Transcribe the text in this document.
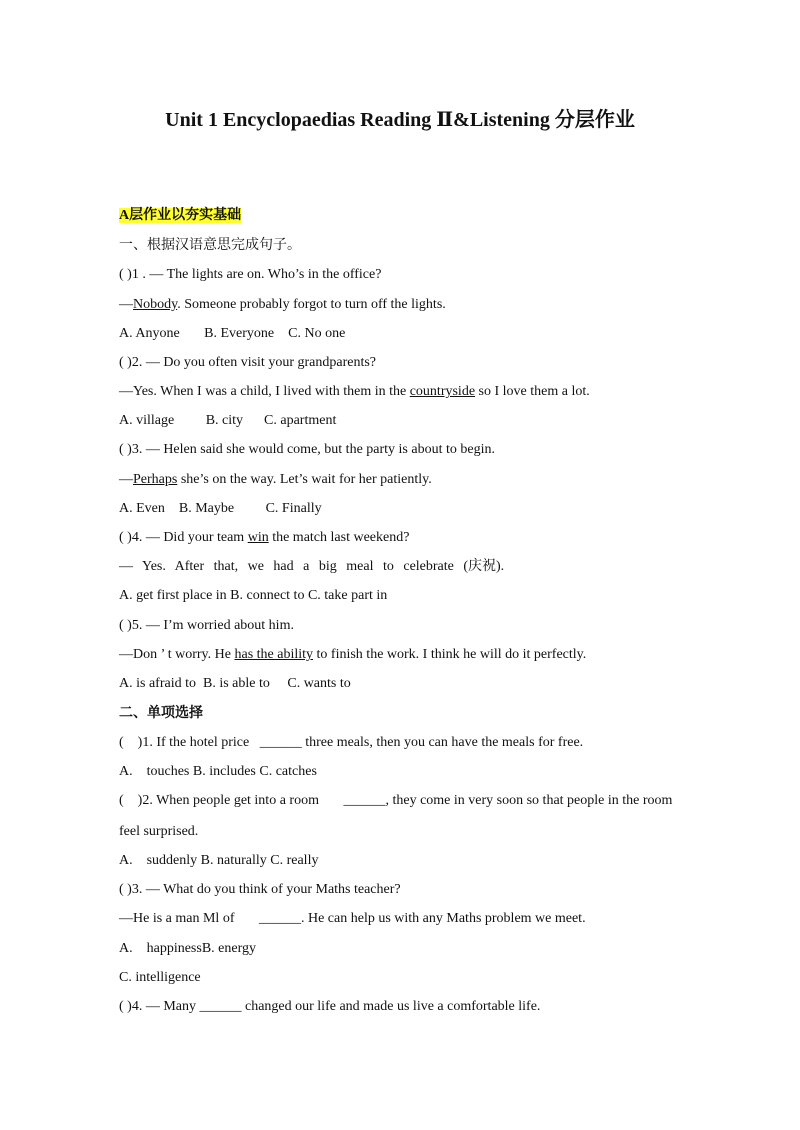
Unit 1 Encyclopaedias Reading Ⅱ&Listening 分层作业
A层作业以夯实基础
一、根据汉语意思完成句子。
( )1 . — The lights are on. Who’s in the office?
—Nobody. Someone probably forgot to turn off the lights.
A. Anyone       B. Everyone    C. No one
( )2. — Do you often visit your grandparents?
—Yes. When I was a child, I lived with them in the countryside so I love them a lot.
A. village         B. city      C. apartment
( )3. — Helen said she would come, but the party is about to begin.
—Perhaps she’s on the way. Let’s wait for her patiently.
A. Even    B. Maybe         C. Finally
( )4. — Did your team win the match last weekend?
— Yes. After that, we had a big meal to celebrate (庆祝).
A. get first place in B. connect to C. take part in
( )5. — I’m worried about him.
—Don ’ t worry. He has the ability to finish the work. I think he will do it perfectly.
A. is afraid to  B. is able to     C. wants to
二、单项选择
(    )1. If the hotel price   ______ three meals, then you can have the meals for free.
A.    touches B. includes C. catches
(    )2. When people get into a room       ______, they come in very soon so that people in the room
feel surprised.
A.    suddenly B. naturally C. really
( )3. — What do you think of your Maths teacher?
—He is a man Ml of       ______. He can help us with any Maths problem we meet.
A.    happinessB. energy
C. intelligence
( )4. — Many ______ changed our life and made us live a comfortable life.
